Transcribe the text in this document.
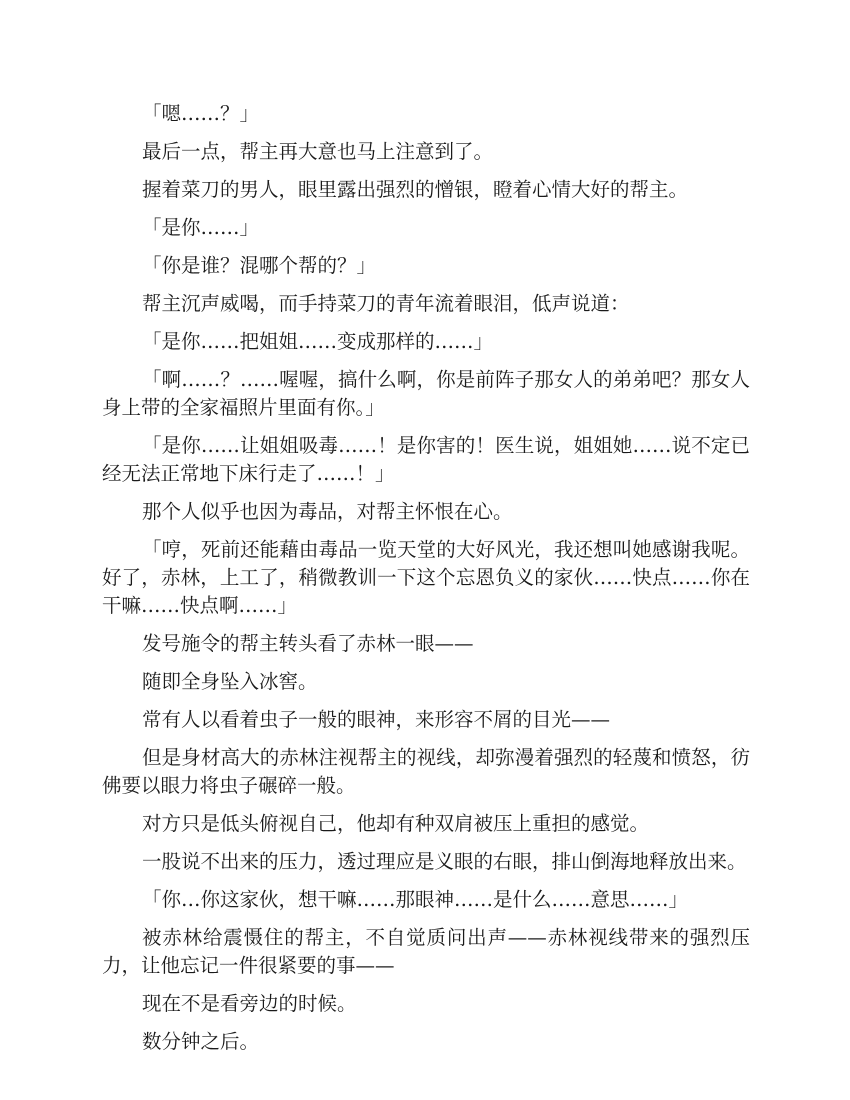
「嗯……？」

最后一点，帮主再大意也马上注意到了。

握着菜刀的男人，眼里露出强烈的憎银，瞪着心情大好的帮主。

「是你……」

「你是谁？混哪个帮的？」

帮主沉声威喝，而手持菜刀的青年流着眼泪，低声说道：

「是你……把姐姐……变成那样的……」

「啊……？……喔喔，搞什么啊，你是前阵子那女人的弟弟吧？那女人身上带的全家福照片里面有你。」

「是你……让姐姐吸毒……！是你害的！医生说，姐姐她……说不定已经无法正常地下床行走了……！」

那个人似乎也因为毒品，对帮主怀恨在心。

「哼，死前还能藉由毒品一览天堂的大好风光，我还想叫她感谢我呢。好了，赤林，上工了，稍微教训一下这个忘恩负义的家伙……快点……你在干嘛……快点啊……」

发号施令的帮主转头看了赤林一眼——

随即全身坠入冰窖。

常有人以看着虫子一般的眼神，来形容不屑的目光——

但是身材高大的赤林注视帮主的视线，却弥漫着强烈的轻蔑和愤怒，彷佛要以眼力将虫子碾碎一般。

对方只是低头俯视自己，他却有种双肩被压上重担的感觉。

一股说不出来的压力，透过理应是义眼的右眼，排山倒海地释放出来。

「你…你这家伙，想干嘛……那眼神……是什么……意思……」

被赤林给震慑住的帮主，不自觉质问出声——赤林视线带来的强烈压力，让他忘记一件很紧要的事——

现在不是看旁边的时候。

数分钟之后。
